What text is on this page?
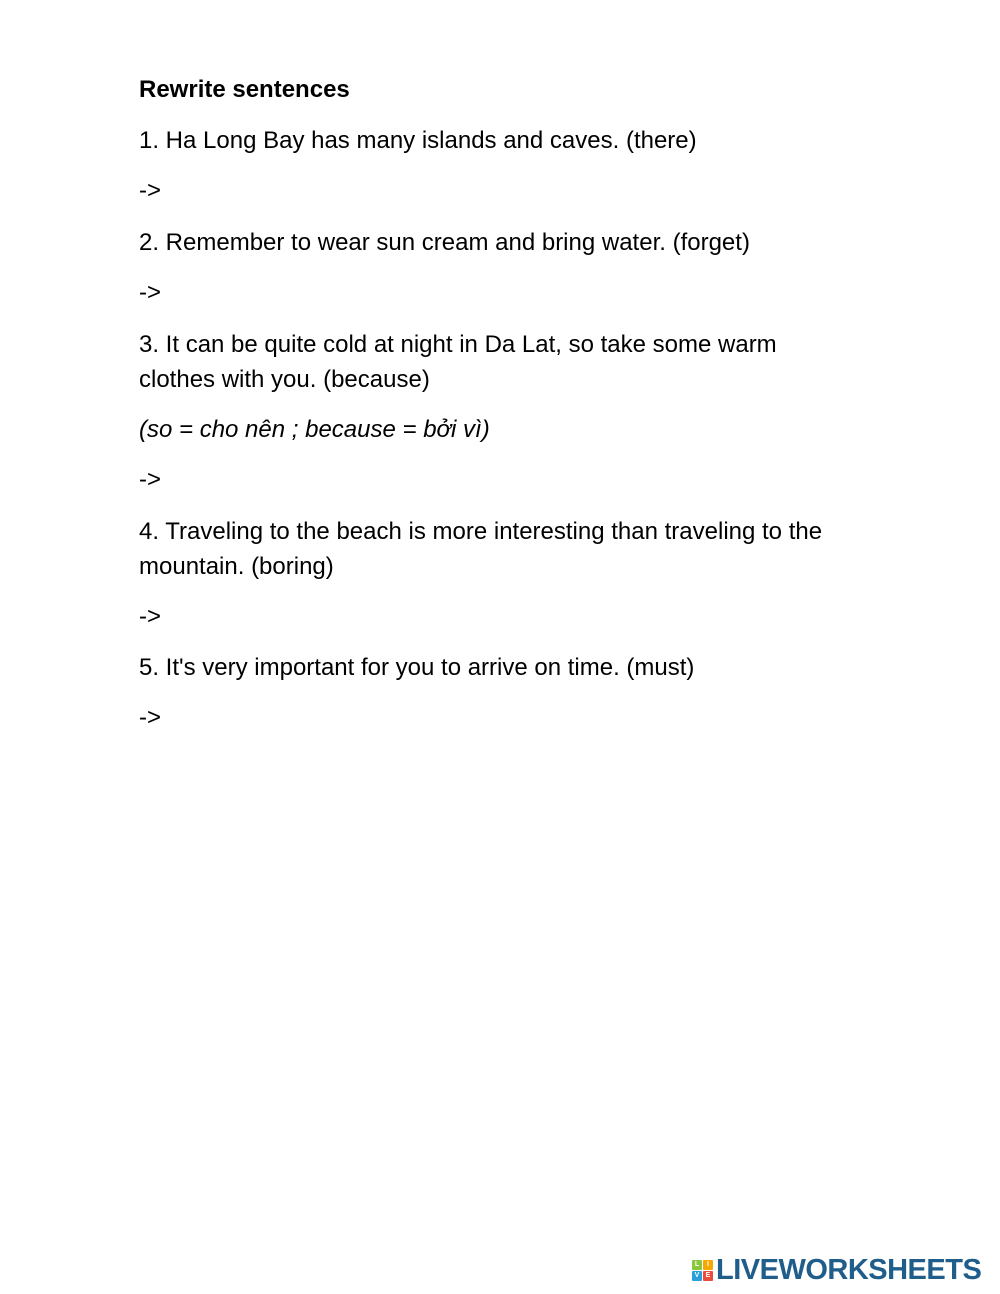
Rewrite sentences
1. Ha Long Bay has many islands and caves. (there)
->
2. Remember to wear sun cream and bring water. (forget)
->
3. It can be quite cold at night in Da Lat, so take some warm clothes with you. (because)
(so = cho nên ; because = bởi vì)
->
4. Traveling to the beach is more interesting than traveling to the mountain. (boring)
->
5. It's very important for you to arrive on time. (must)
->
L	I
V E LIVEWORKSHEETS
